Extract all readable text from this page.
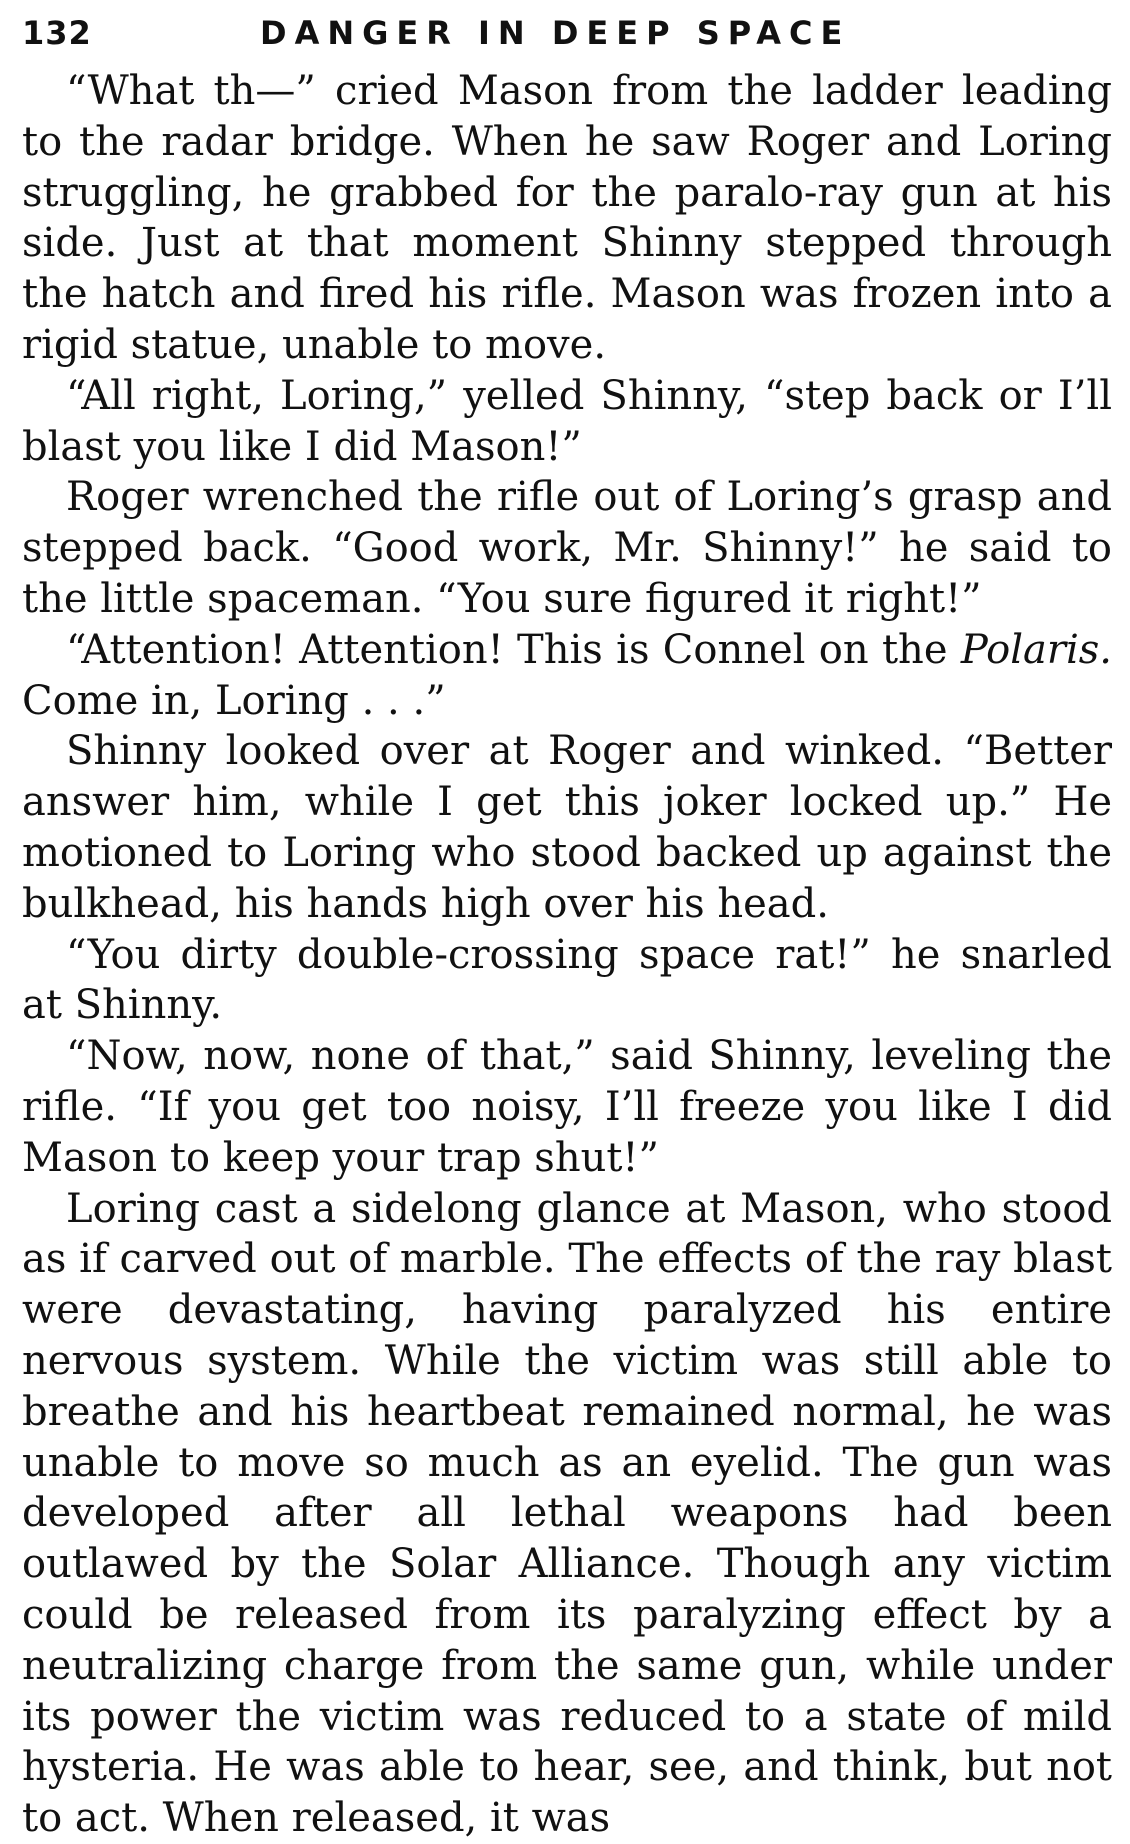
132	DANGER IN DEEP SPACE

“What th—” cried Mason from the ladder leading to the radar bridge. When he saw Roger and Loring struggling, he grabbed for the paralo-ray gun at his side. Just at that moment Shinny stepped through the hatch and fired his rifle. Mason was frozen into a rigid statue, unable to move.

“All right, Loring,” yelled Shinny, “step back or I’ll blast you like I did Mason!”

Roger wrenched the rifle out of Loring’s grasp and stepped back. “Good work, Mr. Shinny!” he said to the little spaceman. “You sure figured it right!”

“Attention! Attention! This is Connel on the Polaris. Come in, Loring . . .”

Shinny looked over at Roger and winked. “Better answer him, while I get this joker locked up.” He motioned to Loring who stood backed up against the bulkhead, his hands high over his head.

“You dirty double-crossing space rat!” he snarled at Shinny.

“Now, now, none of that,” said Shinny, leveling the rifle. “If you get too noisy, I’ll freeze you like I did Mason to keep your trap shut!”

Loring cast a sidelong glance at Mason, who stood as if carved out of marble. The effects of the ray blast were devastating, having paralyzed his entire nervous system. While the victim was still able to breathe and his heartbeat remained normal, he was unable to move so much as an eyelid. The gun was developed after all lethal weapons had been outlawed by the Solar Alliance. Though any victim could be released from its paralyzing effect by a neutralizing charge from the same gun, while under its power the victim was reduced to a state of mild hysteria. He was able to hear, see, and think, but not to act. When released, it was
